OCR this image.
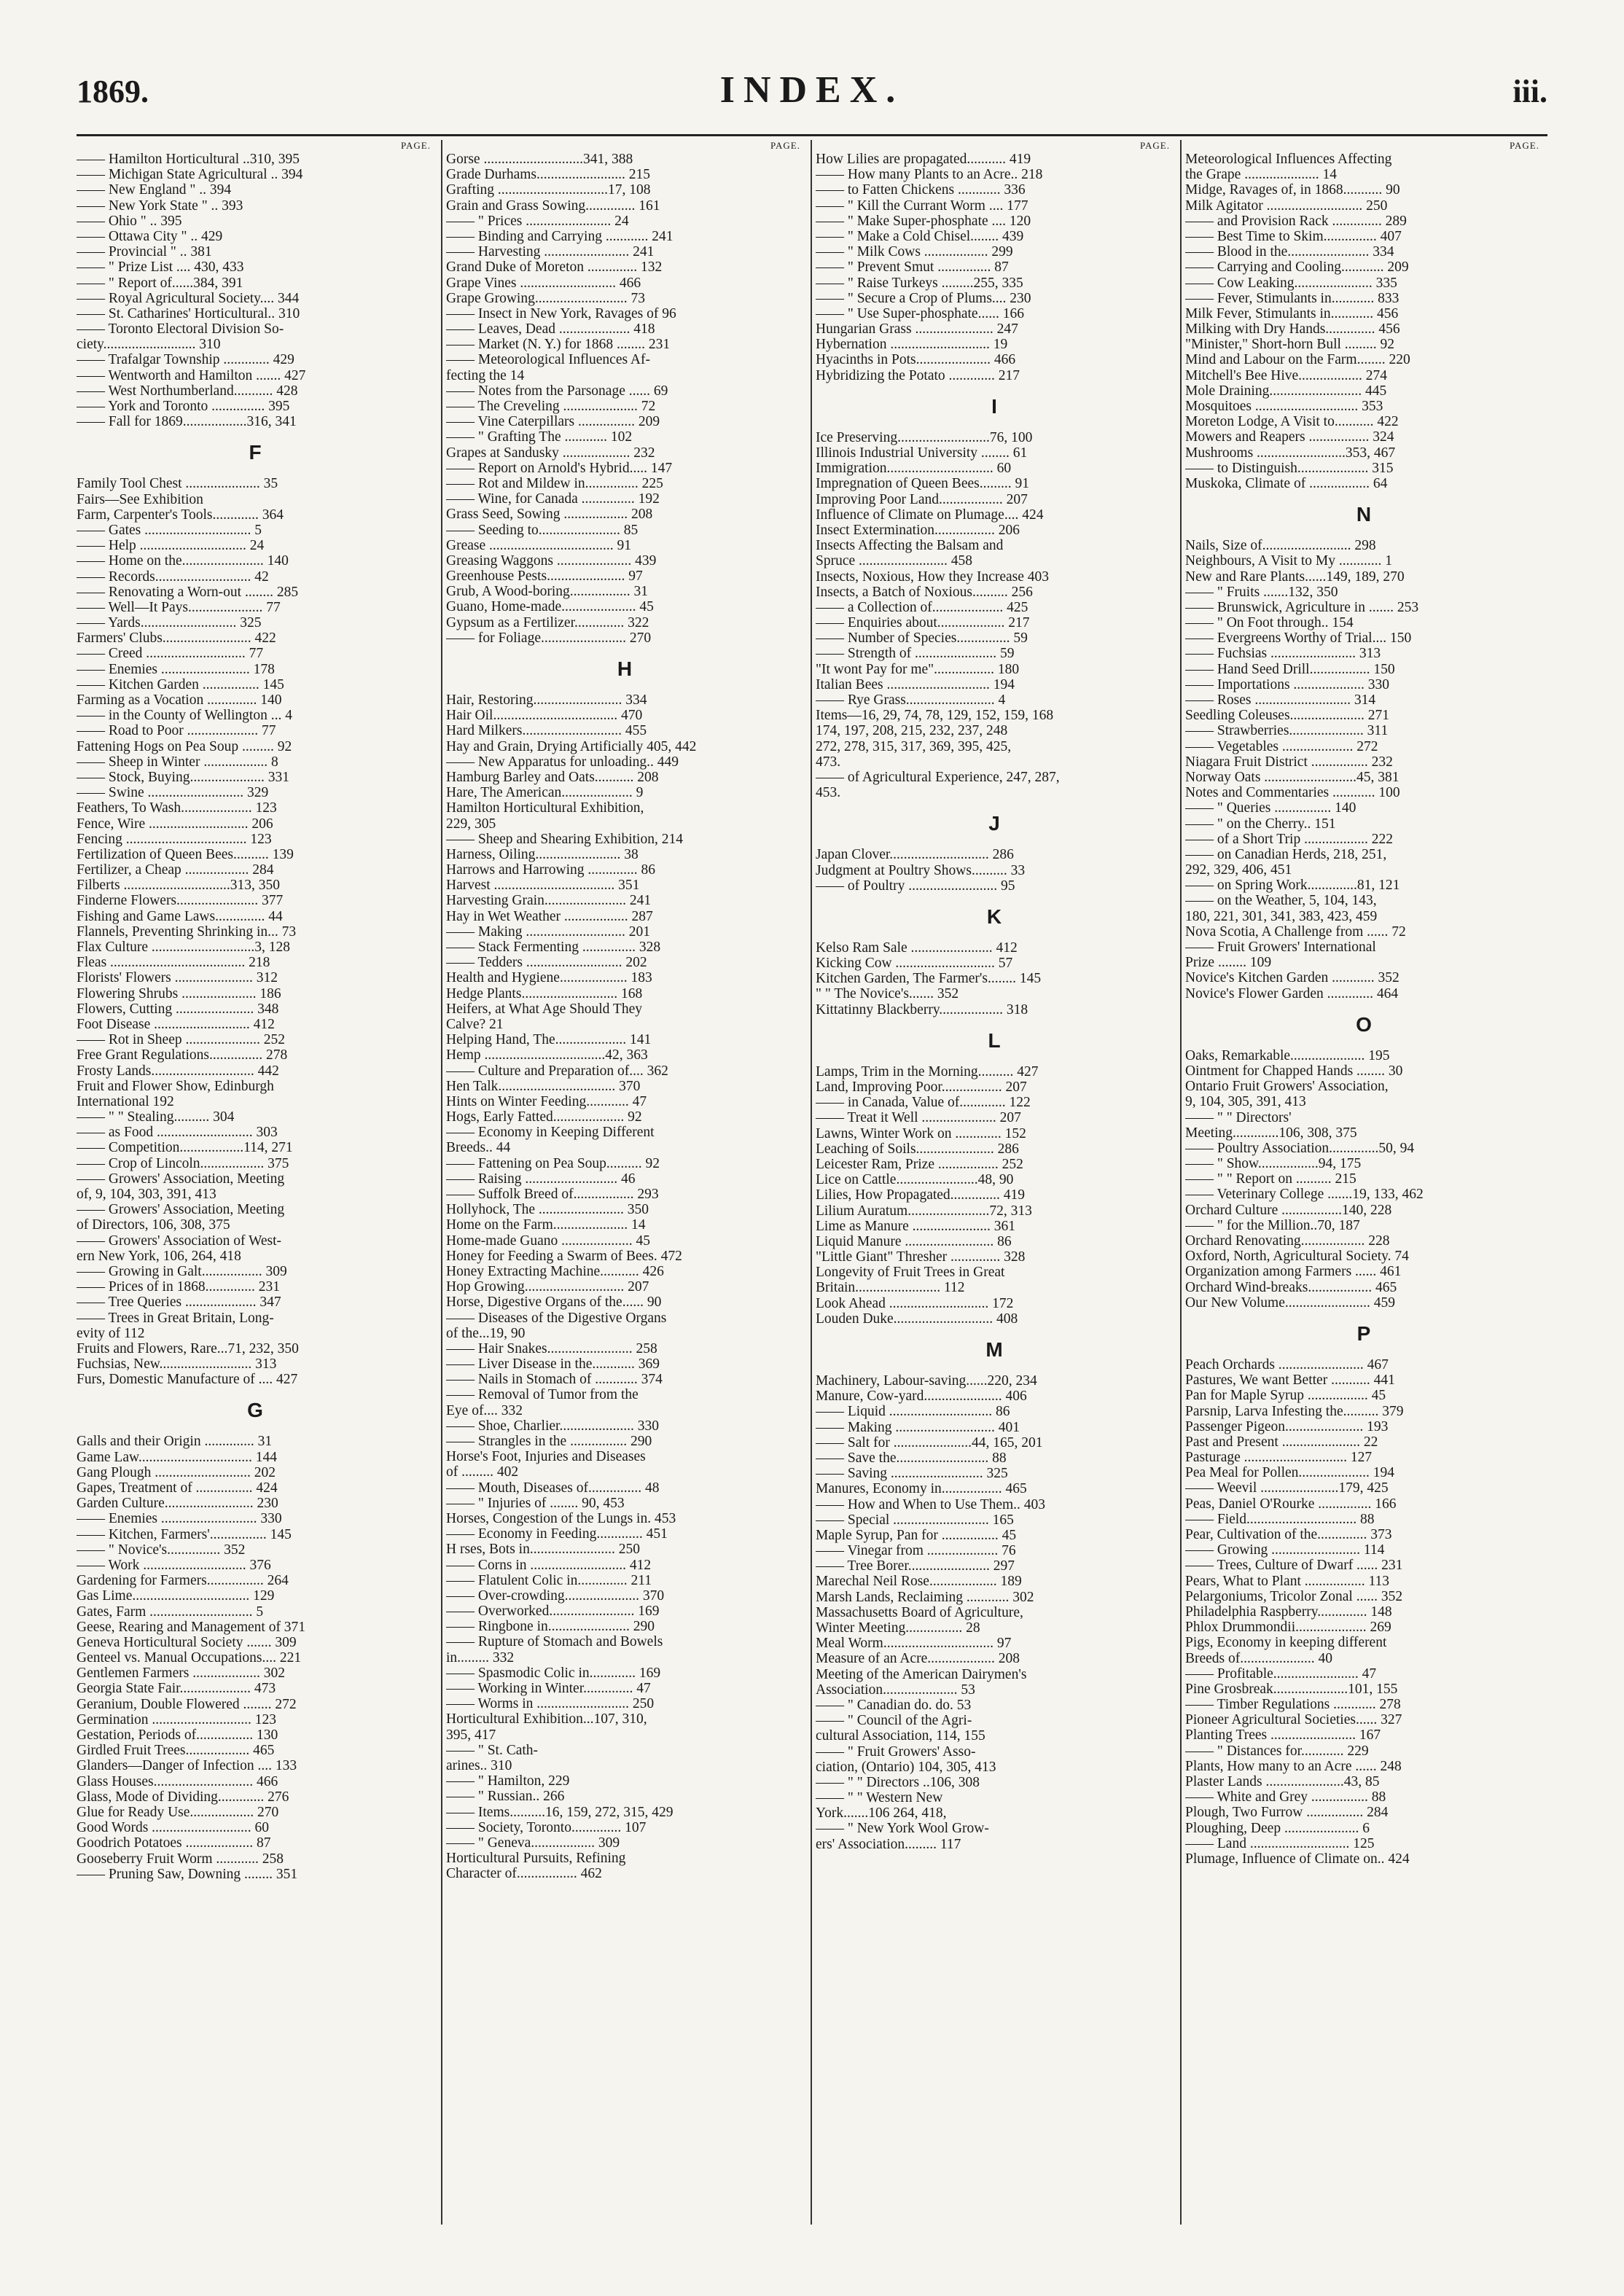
1869.	INDEX.	iii.
PAGE.
—— Hamilton Horticultural ..310, 395
—— Michigan State Agricultural .. 394
—— New England " .. 394
—— New York State " .. 393
—— Ohio " .. 395
—— Ottawa City " .. 429
—— Provincial " .. 381
—— " Prize List .... 430, 433
—— " Report of......384, 391
—— Royal Agricultural Society.... 344
—— St. Catharines' Horticultural.. 310
—— Toronto Electoral Division So-
ciety.......................... 310
—— Trafalgar Township ............. 429
—— Wentworth and Hamilton ....... 427
—— West Northumberland........... 428
—— York and Toronto ............... 395
—— Fall for 1869..................316, 341
F
Family Tool Chest ..................... 35
Fairs—See Exhibition
Farm, Carpenter's Tools............. 364
—— Gates .............................. 5
—— Help .............................. 24
—— Home on the....................... 140
—— Records........................... 42
—— Renovating a Worn-out ........ 285
—— Well—It Pays..................... 77
—— Yards........................... 325
Farmers' Clubs......................... 422
—— Creed ............................ 77
—— Enemies ......................... 178
—— Kitchen Garden ................ 145
Farming as a Vocation .............. 140
—— in the County of Wellington ... 4
—— Road to Poor .................... 77
Fattening Hogs on Pea Soup ......... 92
—— Sheep in Winter .................. 8
—— Stock, Buying..................... 331
—— Swine ........................... 329
Feathers, To Wash.................... 123
Fence, Wire ............................ 206
Fencing .................................. 123
Fertilization of Queen Bees.......... 139
Fertilizer, a Cheap .................. 284
Filberts ..............................313, 350
Finderne Flowers....................... 377
Fishing and Game Laws.............. 44
Flannels, Preventing Shrinking in... 73
Flax Culture .............................3, 128
Fleas ...................................... 218
Florists' Flowers ...................... 312
Flowering Shrubs ..................... 186
Flowers, Cutting ...................... 348
Foot Disease ........................... 412
—— Rot in Sheep ..................... 252
Free Grant Regulations............... 278
Frosty Lands............................. 442
Fruit and Flower Show, Edinburgh
International 192
—— " " Stealing.......... 304
—— as Food ........................... 303
—— Competition..................114, 271
—— Crop of Lincoln.................. 375
—— Growers' Association, Meeting
of, 9, 104, 303, 391, 413
—— Growers' Association, Meeting
of Directors, 106, 308, 375
—— Growers' Association of West-
ern New York, 106, 264, 418
—— Growing in Galt................. 309
—— Prices of in 1868.............. 231
—— Tree Queries .................... 347
—— Trees in Great Britain, Long-
evity of 112
Fruits and Flowers, Rare...71, 232, 350
Fuchsias, New.......................... 313
Furs, Domestic Manufacture of .... 427
G
Galls and their Origin .............. 31
Game Law................................ 144
Gang Plough ........................... 202
Gapes, Treatment of ................ 424
Garden Culture......................... 230
—— Enemies ........................... 330
—— Kitchen, Farmers'................ 145
—— " Novice's............... 352
—— Work ............................. 376
Gardening for Farmers................ 264
Gas Lime................................. 129
Gates, Farm ............................. 5
Geese, Rearing and Management of 371
Geneva Horticultural Society ....... 309
Genteel vs. Manual Occupations.... 221
Gentlemen Farmers ................... 302
Georgia State Fair.................... 473
Geranium, Double Flowered ........ 272
Germination ............................ 123
Gestation, Periods of................ 130
Girdled Fruit Trees.................. 465
Glanders—Danger of Infection .... 133
Glass Houses............................ 466
Glass, Mode of Dividing............. 276
Glue for Ready Use.................. 270
Good Words ............................ 60
Goodrich Potatoes ................... 87
Gooseberry Fruit Worm ............ 258
—— Pruning Saw, Downing ........ 351
PAGE.
Gorse ............................341, 388
Grade Durhams......................... 215
Grafting ...............................17, 108
Grain and Grass Sowing.............. 161
—— " Prices ........................ 24
—— Binding and Carrying ............ 241
—— Harvesting ........................ 241
Grand Duke of Moreton .............. 132
Grape Vines ........................... 466
Grape Growing.......................... 73
—— Insect in New York, Ravages of 96
—— Leaves, Dead .................... 418
—— Market (N. Y.) for 1868 ........ 231
—— Meteorological Influences Af-
fecting the 14
—— Notes from the Parsonage ...... 69
—— The Creveling ..................... 72
—— Vine Caterpillars ................ 209
—— " Grafting The ............ 102
Grapes at Sandusky ................... 232
—— Report on Arnold's Hybrid..... 147
—— Rot and Mildew in............... 225
—— Wine, for Canada ............... 192
Grass Seed, Sowing .................. 208
—— Seeding to....................... 85
Grease ................................... 91
Greasing Waggons ..................... 439
Greenhouse Pests...................... 97
Grub, A Wood-boring................. 31
Guano, Home-made..................... 45
Gypsum as a Fertilizer.............. 322
—— for Foliage........................ 270
H
Hair, Restoring......................... 334
Hair Oil................................... 470
Hard Milkers............................ 455
Hay and Grain, Drying Artificially 405, 442
—— New Apparatus for unloading.. 449
Hamburg Barley and Oats........... 208
Hare, The American.................... 9
Hamilton Horticultural Exhibition,
229, 305
—— Sheep and Shearing Exhibition, 214
Harness, Oiling........................ 38
Harrows and Harrowing .............. 86
Harvest .................................. 351
Harvesting Grain....................... 241
Hay in Wet Weather .................. 287
—— Making ............................ 201
—— Stack Fermenting ............... 328
—— Tedders ........................... 202
Health and Hygiene................... 183
Hedge Plants........................... 168
Heifers, at What Age Should They
Calve? 21
Helping Hand, The.................... 141
Hemp ..................................42, 363
—— Culture and Preparation of.... 362
Hen Talk................................. 370
Hints on Winter Feeding............ 47
Hogs, Early Fatted.................... 92
—— Economy in Keeping Different
Breeds.. 44
—— Fattening on Pea Soup.......... 92
—— Raising .......................... 46
—— Suffolk Breed of................. 293
Hollyhock, The ........................ 350
Home on the Farm..................... 14
Home-made Guano .................... 45
Honey for Feeding a Swarm of Bees. 472
Honey Extracting Machine........... 426
Hop Growing............................ 207
Horse, Digestive Organs of the...... 90
—— Diseases of the Digestive Organs
of the...19, 90
—— Hair Snakes........................ 258
—— Liver Disease in the............ 369
—— Nails in Stomach of ............ 374
—— Removal of Tumor from the
Eye of.... 332
—— Shoe, Charlier..................... 330
—— Strangles in the ................ 290
Horse's Foot, Injuries and Diseases
of ......... 402
—— Mouth, Diseases of............... 48
—— " Injuries of ........ 90, 453
Horses, Congestion of the Lungs in. 453
—— Economy in Feeding............. 451
H rses, Bots in........................ 250
—— Corns in ........................... 412
—— Flatulent Colic in.............. 211
—— Over-crowding..................... 370
—— Overworked........................ 169
—— Ringbone in....................... 290
—— Rupture of Stomach and Bowels
in......... 332
—— Spasmodic Colic in............. 169
—— Working in Winter.............. 47
—— Worms in .......................... 250
Horticultural Exhibition...107, 310,
395, 417
—— " St. Cath-
arines.. 310
—— " Hamilton, 229
—— " Russian.. 266
—— Items..........16, 159, 272, 315, 429
—— Society, Toronto.............. 107
—— " Geneva.................. 309
Horticultural Pursuits, Refining
Character of................. 462
PAGE.
How Lilies are propagated........... 419
—— How many Plants to an Acre.. 218
—— to Fatten Chickens ............ 336
—— " Kill the Currant Worm .... 177
—— " Make Super-phosphate .... 120
—— " Make a Cold Chisel........ 439
—— " Milk Cows .................. 299
—— " Prevent Smut ............... 87
—— " Raise Turkeys .........255, 335
—— " Secure a Crop of Plums.... 230
—— " Use Super-phosphate...... 166
Hungarian Grass ...................... 247
Hybernation ............................ 19
Hyacinths in Pots..................... 466
Hybridizing the Potato ............. 217
I
Ice Preserving..........................76, 100
Illinois Industrial University ........ 61
Immigration.............................. 60
Impregnation of Queen Bees......... 91
Improving Poor Land.................. 207
Influence of Climate on Plumage.... 424
Insect Extermination................. 206
Insects Affecting the Balsam and
Spruce ......................... 458
Insects, Noxious, How they Increase 403
Insects, a Batch of Noxious.......... 256
—— a Collection of.................... 425
—— Enquiries about................... 217
—— Number of Species............... 59
—— Strength of ....................... 59
"It wont Pay for me"................. 180
Italian Bees ............................. 194
—— Rye Grass......................... 4
Items—16, 29, 74, 78, 129, 152, 159, 168
174, 197, 208, 215, 232, 237, 248
272, 278, 315, 317, 369, 395, 425,
473.
—— of Agricultural Experience, 247, 287,
453.
J
Japan Clover............................ 286
Judgment at Poultry Shows.......... 33
—— of Poultry ......................... 95
K
Kelso Ram Sale ....................... 412
Kicking Cow ............................ 57
Kitchen Garden, The Farmer's........ 145
" " The Novice's....... 352
Kittatinny Blackberry.................. 318
L
Lamps, Trim in the Morning.......... 427
Land, Improving Poor................. 207
—— in Canada, Value of............. 122
—— Treat it Well ..................... 207
Lawns, Winter Work on ............. 152
Leaching of Soils...................... 286
Leicester Ram, Prize ................. 252
Lice on Cattle.......................48, 90
Lilies, How Propagated.............. 419
Lilium Auratum.......................72, 313
Lime as Manure ...................... 361
Liquid Manure ......................... 86
"Little Giant" Thresher .............. 328
Longevity of Fruit Trees in Great
Britain........................ 112
Look Ahead ............................ 172
Louden Duke............................ 408
M
Machinery, Labour-saving......220, 234
Manure, Cow-yard...................... 406
—— Liquid ............................. 86
—— Making ............................ 401
—— Salt for ......................44, 165, 201
—— Save the.......................... 88
—— Saving .......................... 325
Manures, Economy in................. 465
—— How and When to Use Them.. 403
—— Special ........................... 165
Maple Syrup, Pan for ................ 45
—— Vinegar from .................... 76
—— Tree Borer....................... 297
Marechal Neil Rose................... 189
Marsh Lands, Reclaiming ............ 302
Massachusetts Board of Agriculture,
Winter Meeting................ 28
Meal Worm............................... 97
Measure of an Acre................... 208
Meeting of the American Dairymen's
Association..................... 53
—— " Canadian do. do. 53
—— " Council of the Agri-
cultural Association, 114, 155
—— " Fruit Growers' Asso-
ciation, (Ontario) 104, 305, 413
—— " " Directors ..106, 308
—— " " Western New
York.......106 264, 418,
—— " New York Wool Grow-
ers' Association......... 117
PAGE.
Meteorological Influences Affecting
the Grape ..................... 14
Midge, Ravages of, in 1868........... 90
Milk Agitator ........................... 250
—— and Provision Rack .............. 289
—— Best Time to Skim............... 407
—— Blood in the....................... 334
—— Carrying and Cooling............ 209
—— Cow Leaking...................... 335
—— Fever, Stimulants in............ 833
Milk Fever, Stimulants in............ 456
Milking with Dry Hands.............. 456
"Minister," Short-horn Bull ......... 92
Mind and Labour on the Farm........ 220
Mitchell's Bee Hive.................. 274
Mole Draining.......................... 445
Mosquitoes ............................. 353
Moreton Lodge, A Visit to........... 422
Mowers and Reapers ................. 324
Mushrooms .........................353, 467
—— to Distinguish.................... 315
Muskoka, Climate of ................. 64
N
Nails, Size of......................... 298
Neighbours, A Visit to My ............ 1
New and Rare Plants......149, 189, 270
—— " Fruits .......132, 350
—— Brunswick, Agriculture in ....... 253
—— " On Foot through.. 154
—— Evergreens Worthy of Trial.... 150
—— Fuchsias ........................ 313
—— Hand Seed Drill................. 150
—— Importations .................... 330
—— Roses ........................... 314
Seedling Coleuses..................... 271
—— Strawberries..................... 311
—— Vegetables .................... 272
Niagara Fruit District ................ 232
Norway Oats ..........................45, 381
Notes and Commentaries ............ 100
—— " Queries ................ 140
—— " on the Cherry.. 151
—— of a Short Trip .................. 222
—— on Canadian Herds, 218, 251,
292, 329, 406, 451
—— on Spring Work..............81, 121
—— on the Weather, 5, 104, 143,
180, 221, 301, 341, 383, 423, 459
Nova Scotia, A Challenge from ...... 72
—— Fruit Growers' International
Prize ........ 109
Novice's Kitchen Garden ............ 352
Novice's Flower Garden ............. 464
O
Oaks, Remarkable..................... 195
Ointment for Chapped Hands ........ 30
Ontario Fruit Growers' Association,
9, 104, 305, 391, 413
—— " " Directors'
Meeting.............106, 308, 375
—— Poultry Association..............50, 94
—— " Show.................94, 175
—— " " Report on .......... 215
—— Veterinary College .......19, 133, 462
Orchard Culture .................140, 228
—— " for the Million..70, 187
Orchard Renovating.................. 228
Oxford, North, Agricultural Society. 74
Organization among Farmers ...... 461
Orchard Wind-breaks.................. 465
Our New Volume........................ 459
P
Peach Orchards ........................ 467
Pastures, We want Better ........... 441
Pan for Maple Syrup ................. 45
Parsnip, Larva Infesting the.......... 379
Passenger Pigeon...................... 193
Past and Present ...................... 22
Pasturage ............................. 127
Pea Meal for Pollen.................... 194
—— Weevil ......................179, 425
Peas, Daniel O'Rourke ............... 166
—— Field............................... 88
Pear, Cultivation of the.............. 373
—— Growing ......................... 114
—— Trees, Culture of Dwarf ...... 231
Pears, What to Plant ................. 113
Pelargoniums, Tricolor Zonal ...... 352
Philadelphia Raspberry.............. 148
Phlox Drummondii.................... 269
Pigs, Economy in keeping different
Breeds of..................... 40
—— Profitable........................ 47
Pine Grosbreak.....................101, 155
—— Timber Regulations ............ 278
Pioneer Agricultural Societies...... 327
Planting Trees ........................ 167
—— " Distances for............ 229
Plants, How many to an Acre ...... 248
Plaster Lands ......................43, 85
—— White and Grey ................ 88
Plough, Two Furrow ................ 284
Ploughing, Deep ..................... 6
—— Land ............................ 125
Plumage, Influence of Climate on.. 424
